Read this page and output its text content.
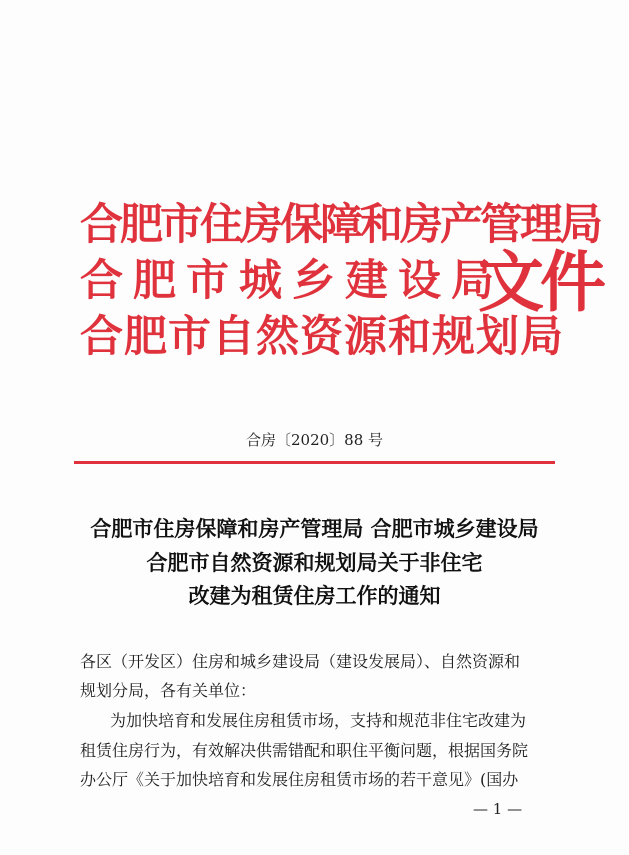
合肥市住房保障和房产管理局
合肥市城乡建设局
合肥市自然资源和规划局
文件
合房〔2020〕88 号
合肥市住房保障和房产管理局 合肥市城乡建设局
合肥市自然资源和规划局关于非住宅
改建为租赁住房工作的通知
各区（开发区）住房和城乡建设局（建设发展局）、自然资源和
规划分局，各有关单位：
为加快培育和发展住房租赁市场，支持和规范非住宅改建为
租赁住房行为，有效解决供需错配和职住平衡问题，根据国务院
办公厅《关于加快培育和发展住房租赁市场的若干意见》(国办
— 1 —
